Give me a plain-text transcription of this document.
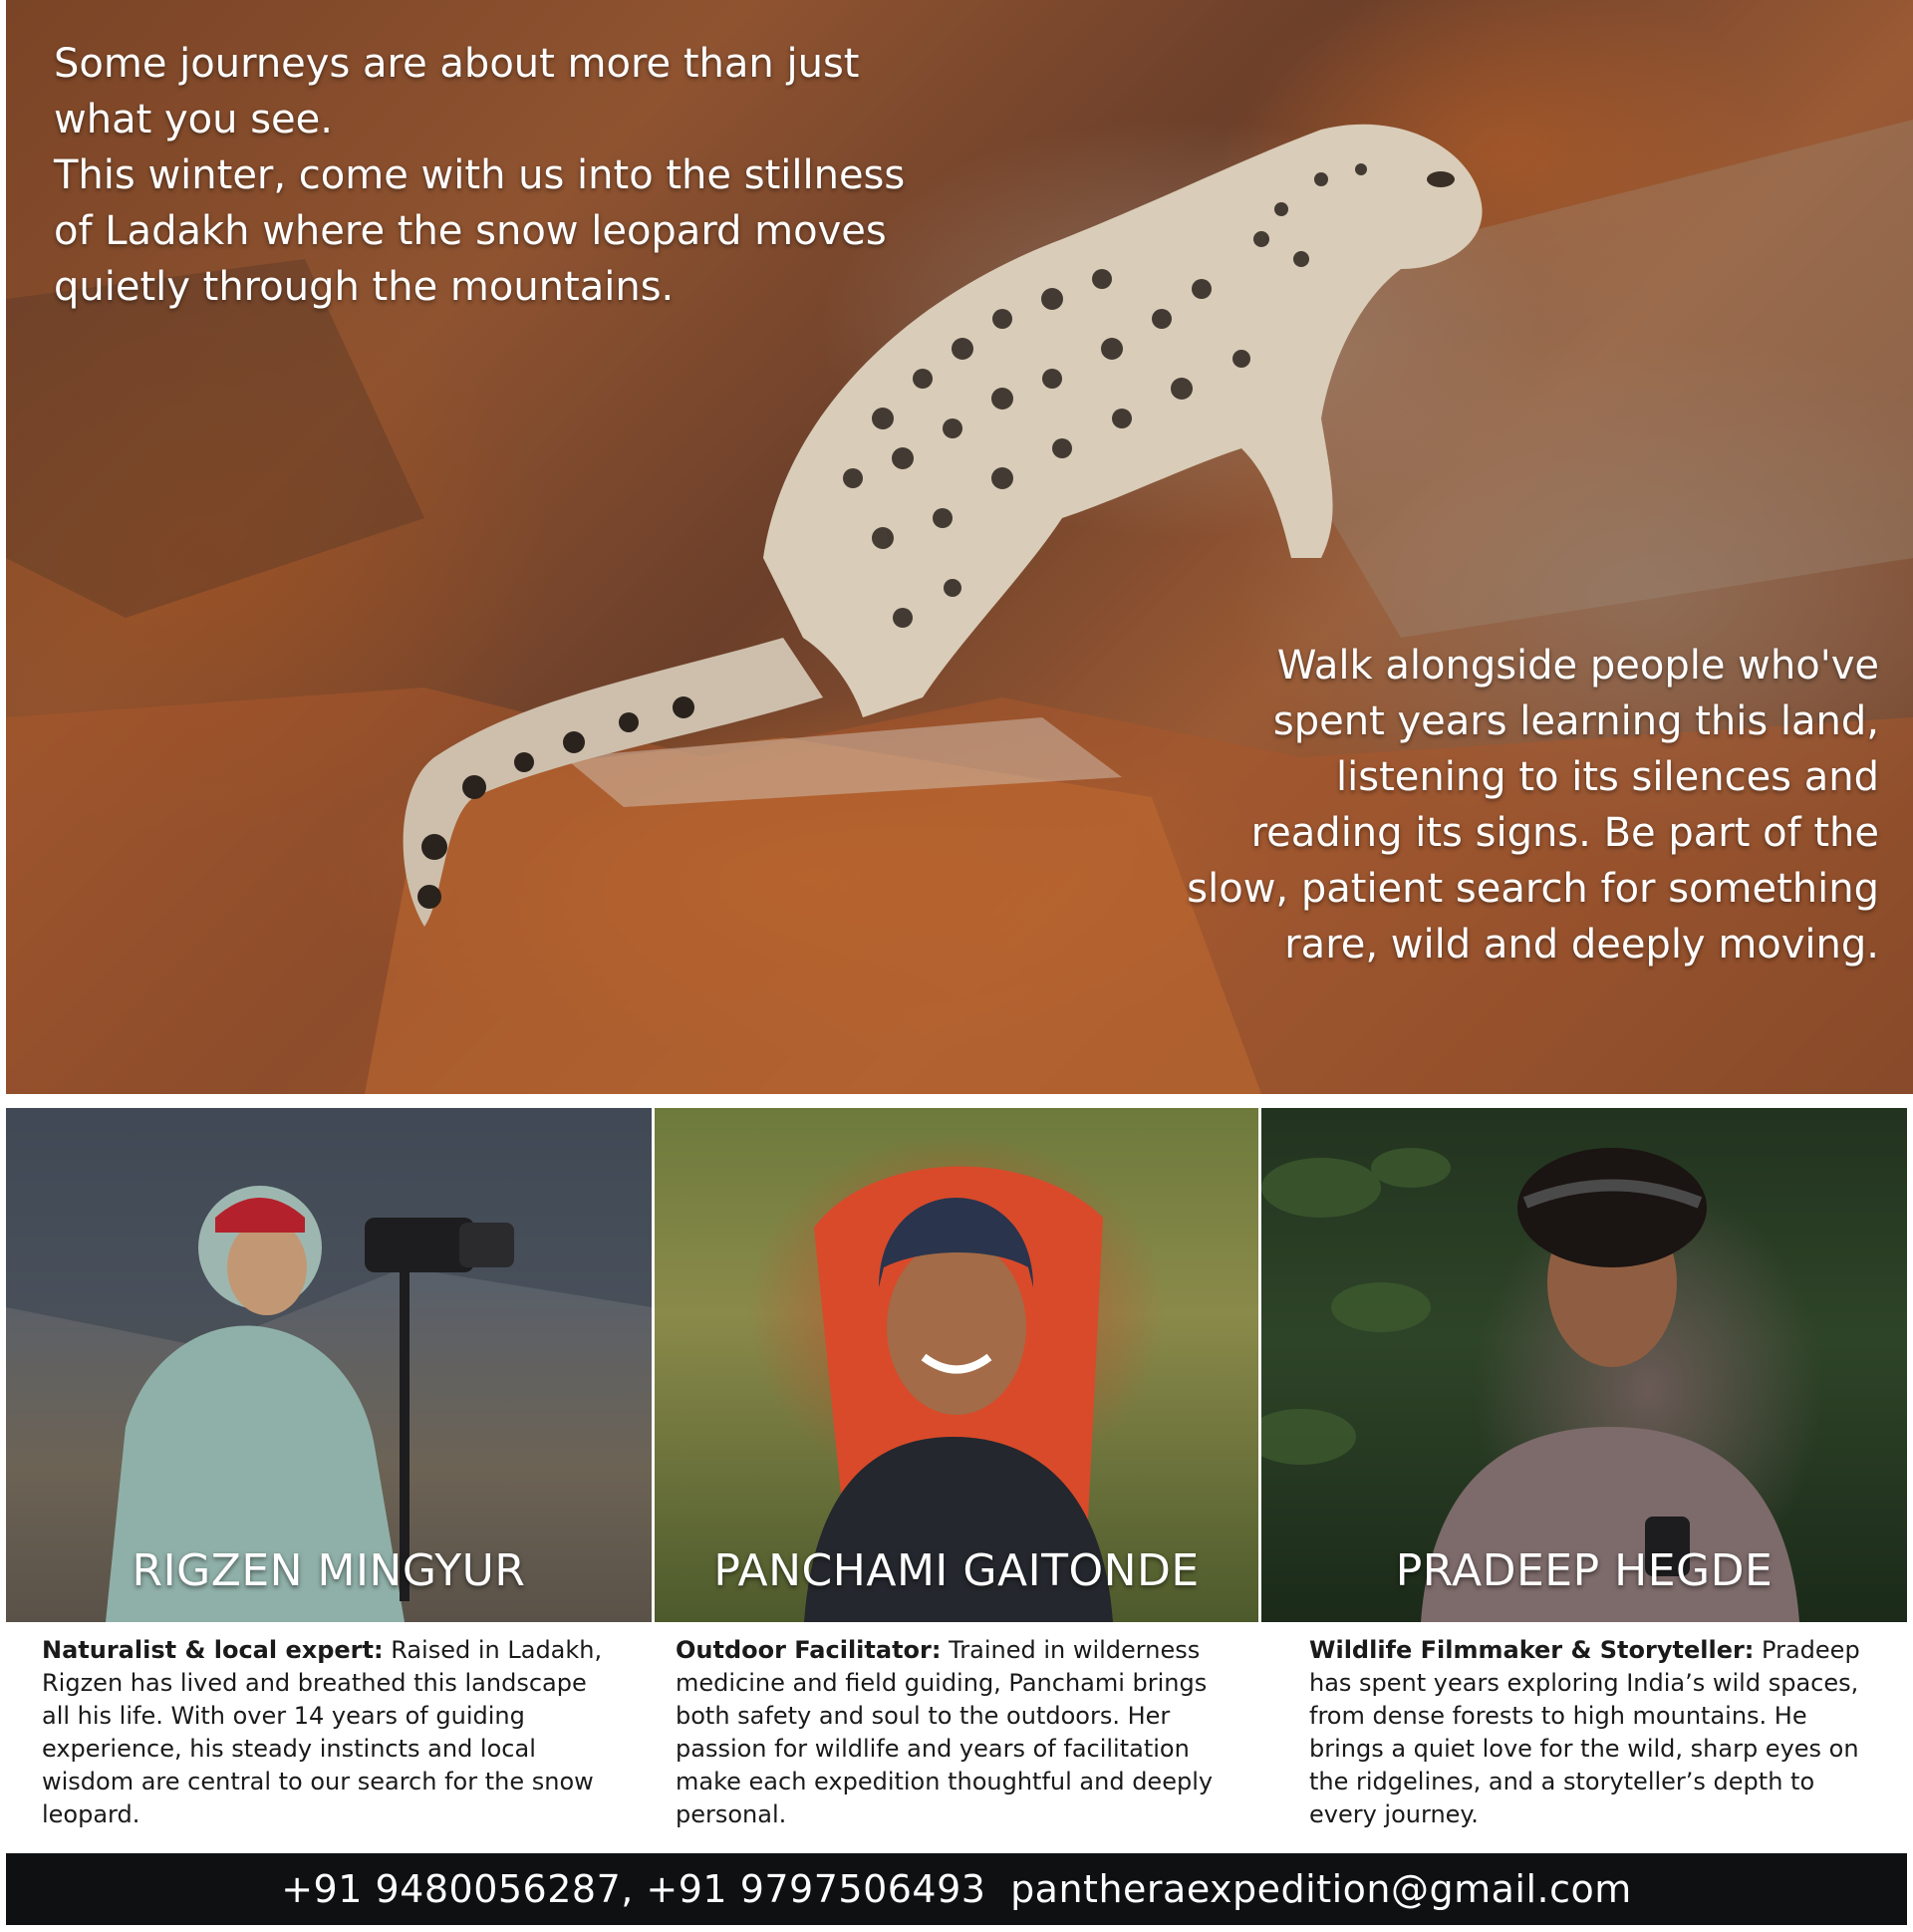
Some journeys are about more than just what you see.

This winter, come with us into the stillness of Ladakh where the snow leopard moves quietly through the mountains.

Walk alongside people who've spent years learning this land, listening to its silences and reading its signs. Be part of the slow, patient search for something rare, wild and deeply moving.
RIGZEN MINGYUR	PANCHAMI GAITONDE	PRADEEP HEGDE
Naturalist & local expert: Raised in Ladakh, Rigzen has lived and breathed this landscape all his life. With over 14 years of guiding experience, his steady instincts and local wisdom are central to our search for the snow leopard.
Outdoor Facilitator: Trained in wilderness medicine and field guiding, Panchami brings both safety and soul to the outdoors. Her passion for wildlife and years of facilitation make each expedition thoughtful and deeply personal.
Wildlife Filmmaker & Storyteller: Pradeep has spent years exploring India’s wild spaces, from dense forests to high mountains. He brings a quiet love for the wild, sharp eyes on the ridgelines, and a storyteller’s depth to every journey.
+91 9480056287, +91 9797506493 pantheraexpedition@gmail.com
